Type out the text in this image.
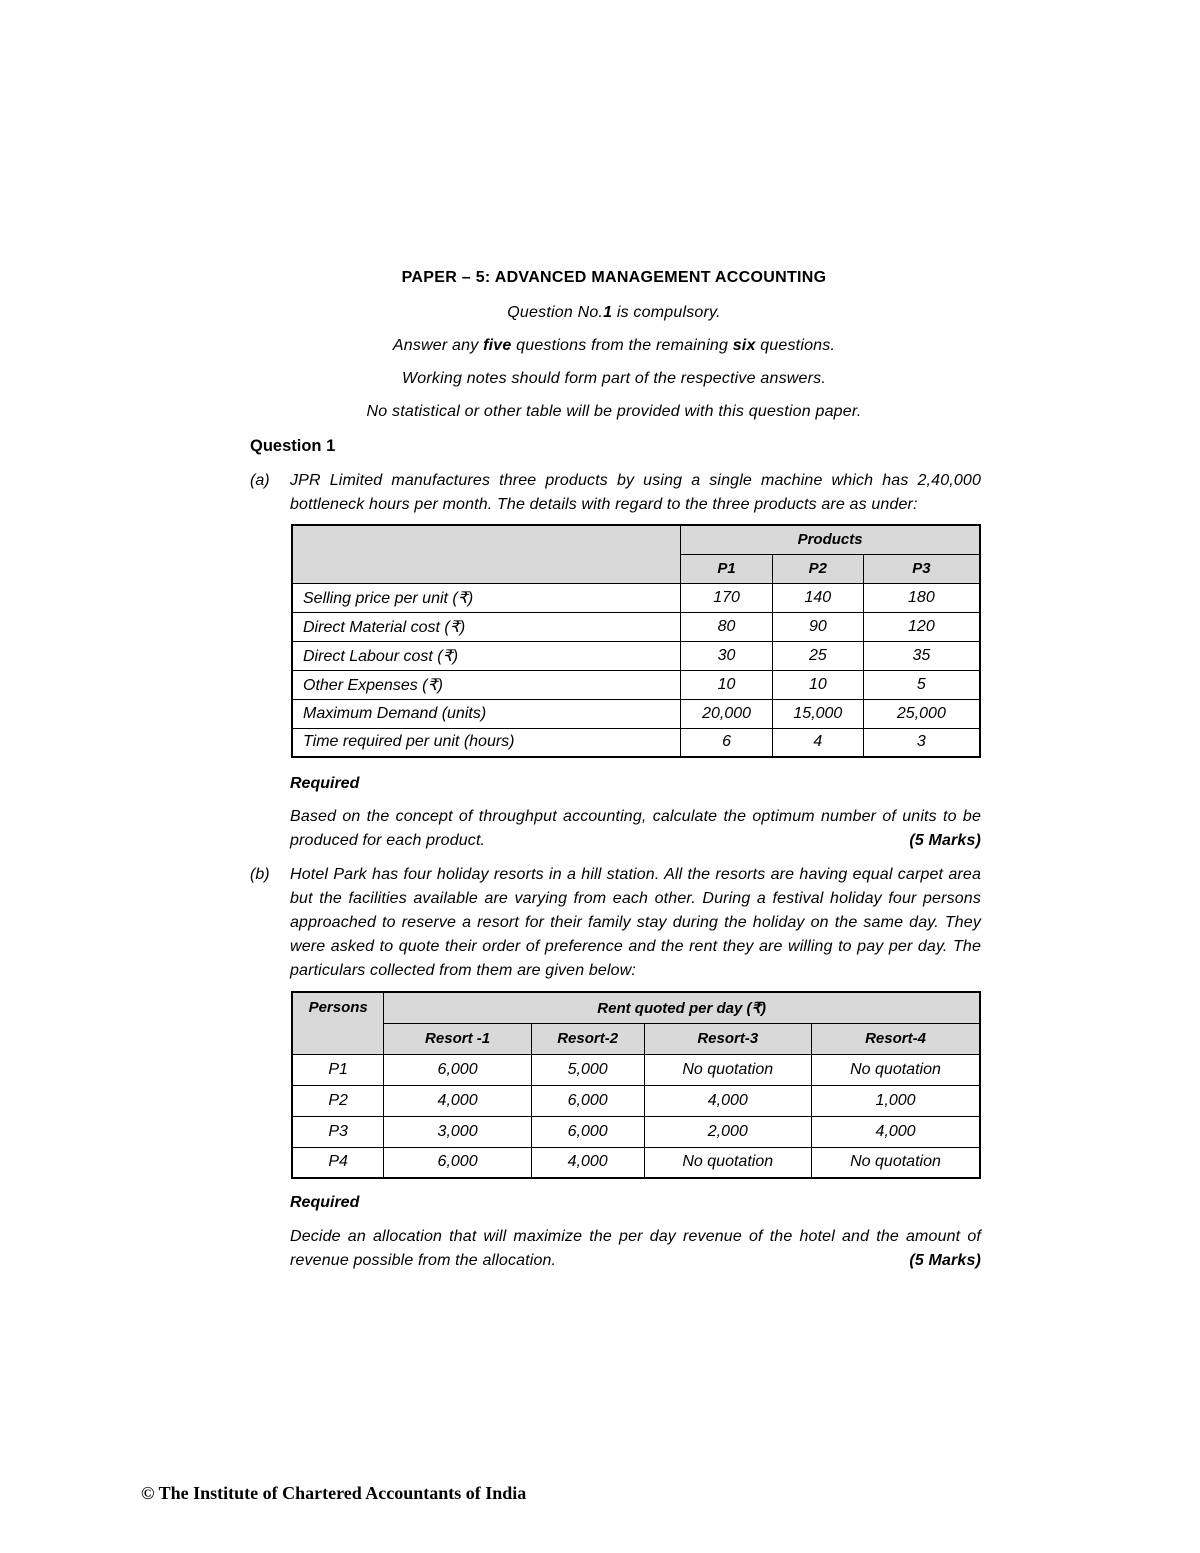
PAPER – 5: ADVANCED MANAGEMENT ACCOUNTING
Question No.1 is compulsory.
Answer any five questions from the remaining six questions.
Working notes should form part of the respective answers.
No statistical or other table will be provided with this question paper.
Question 1
(a) JPR Limited manufactures three products by using a single machine which has 2,40,000 bottleneck hours per month. The details with regard to the three products are as under:
	Products		
	P1	P2	P3
Selling price per unit (₹)	170	140	180
Direct Material cost (₹)	80	90	120
Direct Labour cost (₹)	30	25	35
Other Expenses (₹)	10	10	5
Maximum Demand (units)	20,000	15,000	25,000
Time required per unit (hours)	6	4	3
Required
Based on the concept of throughput accounting, calculate the optimum number of units to be produced for each product.	(5 Marks)
(b) Hotel Park has four holiday resorts in a hill station. All the resorts are having equal carpet area but the facilities available are varying from each other. During a festival holiday four persons approached to reserve a resort for their family stay during the holiday on the same day. They were asked to quote their order of preference and the rent they are willing to pay per day. The particulars collected from them are given below:
Persons	Rent quoted per day (₹)			
	Resort -1	Resort-2	Resort-3	Resort-4
P1	6,000	5,000	No quotation	No quotation
P2	4,000	6,000	4,000	1,000
P3	3,000	6,000	2,000	4,000
P4	6,000	4,000	No quotation	No quotation
Required
Decide an allocation that will maximize the per day revenue of the hotel and the amount of revenue possible from the allocation.	(5 Marks)
© The Institute of Chartered Accountants of India
